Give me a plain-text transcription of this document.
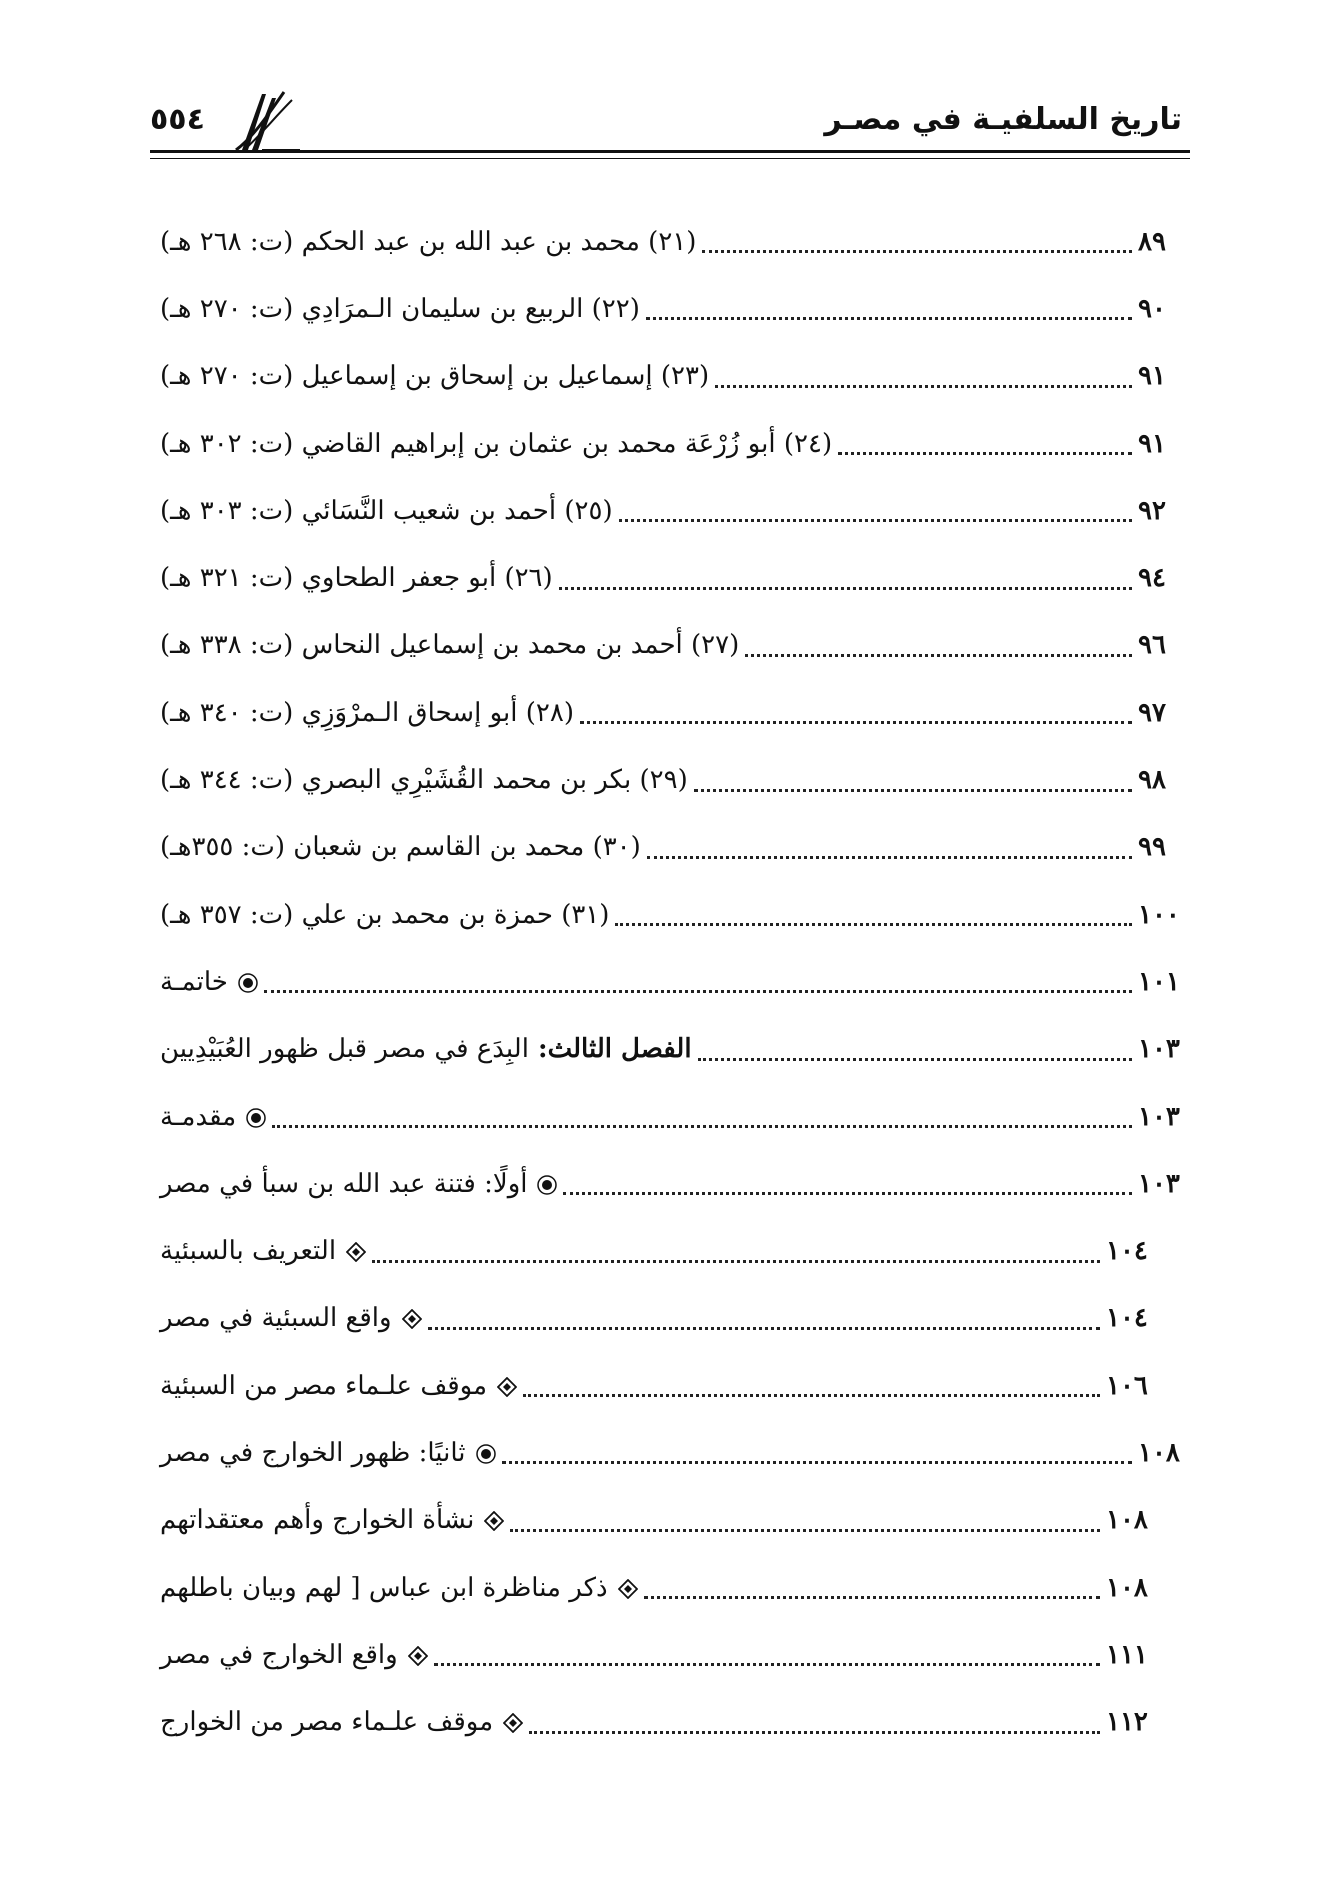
٥٥٤	تاريخ السلفيـة في مصـر
(٢١) محمد بن عبد الله بن عبد الحكم (ت: ٢٦٨ هـ)	٨٩
(٢٢) الربيع بن سليمان الـمرَادِي (ت: ٢٧٠ هـ)	٩٠
(٢٣) إسماعيل بن إسحاق بن إسماعيل (ت: ٢٧٠ هـ)	٩١
(٢٤) أبو زُرْعَة محمد بن عثمان بن إبراهيم القاضي (ت: ٣٠٢ هـ)	٩١
(٢٥) أحمد بن شعيب النَّسَائي (ت: ٣٠٣ هـ)	٩٢
(٢٦) أبو جعفر الطحاوي (ت: ٣٢١ هـ)	٩٤
(٢٧) أحمد بن محمد بن إسماعيل النحاس (ت: ٣٣٨ هـ)	٩٦
(٢٨) أبو إسحاق الـمرْوَزِي (ت: ٣٤٠ هـ)	٩٧
(٢٩) بكر بن محمد القُشَيْرِي البصري (ت: ٣٤٤ هـ)	٩٨
(٣٠) محمد بن القاسم بن شعبان (ت: ٣٥٥هـ)	٩٩
(٣١) حمزة بن محمد بن علي (ت: ٣٥٧ هـ)	١٠٠
خاتمـة	١٠١
الفصل الثالث: البِدَع في مصر قبل ظهور العُبَيْدِيين	١٠٣
مقدمـة	١٠٣
أولًا: فتنة عبد الله بن سبأ في مصر	١٠٣
التعريف بالسبئية	١٠٤
واقع السبئية في مصر	١٠٤
موقف علـماء مصر من السبئية	١٠٦
ثانيًا: ظهور الخوارج في مصر	١٠٨
نشأة الخوارج وأهم معتقداتهم	١٠٨
ذكر مناظرة ابن عباس [ لهم وبيان باطلهم	١٠٨
واقع الخوارج في مصر	١١١
موقف علـماء مصر من الخوارج	١١٢
